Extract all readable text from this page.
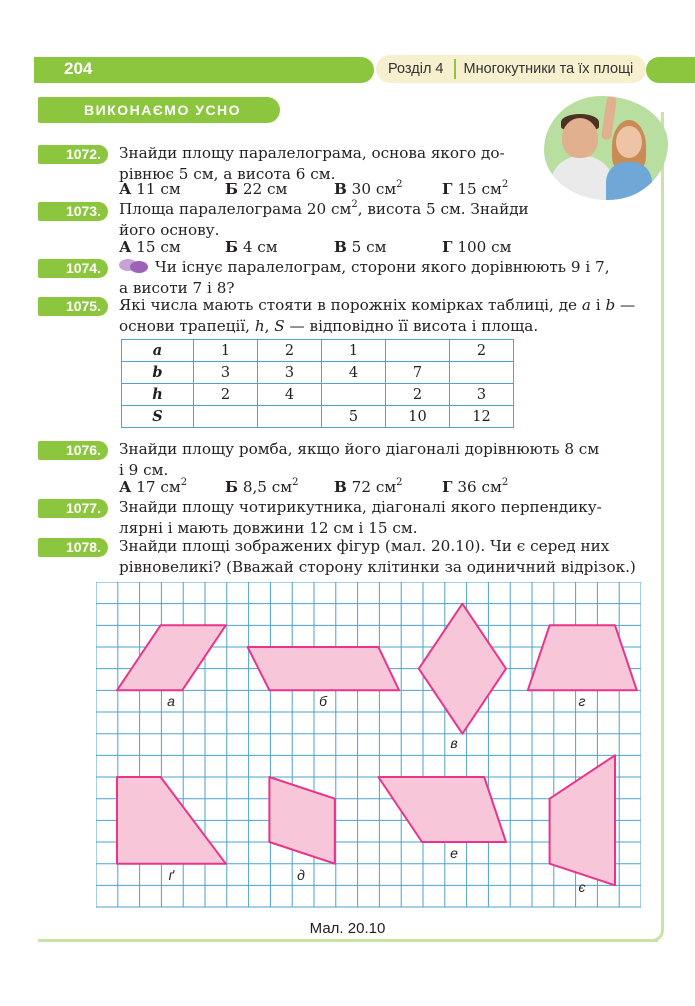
204	Розділ 4	Многокутники та їх площі
ВИКОНАЄМО УСНО
1072.	Знайди площу паралелограма, основа якого до-
рівнює 5 см, а висота 6 см.
А 11 см	Б 22 см	В 30 $см^2$	Г 15 $см^2$
1073.	Площа паралелограма 20 $см^2$, висота 5 см. Знайди
його основу.
А 15 см	Б 4 см	В 5 см	Г 100 см
1074.	Чи існує паралелограм, сторони якого дорівнюють 9 і 7,
а висоти 7 і 8?
1075.	Які числа мають стояти в порожніх комірках таблиці, де a і b —
основи трапеції, h, S — відповідно її висота і площа.
a	1	2	1		2
b	3	3	4	7	
h	2	4		2	3
S			5	10	12
1076.	Знайди площу ромба, якщо його діагоналі дорівнюють 8 см
і 9 см.
А 17 $см^2$ Б 8,5 $см^2$ В 72 $см^2$	Г 36 $см^2$
1077.	Знайди площу чотирикутника, діагоналі якого перпендику-
лярні і мають довжини 12 см і 15 см.
1078.	Знайди площі зображених фігур (мал. 20.10). Чи є серед них
рівновеликі? (Вважай сторону клітинки за одиничний відрізок.)
а	б
в
г
ґ	д
е
є
Мал. 20.10
